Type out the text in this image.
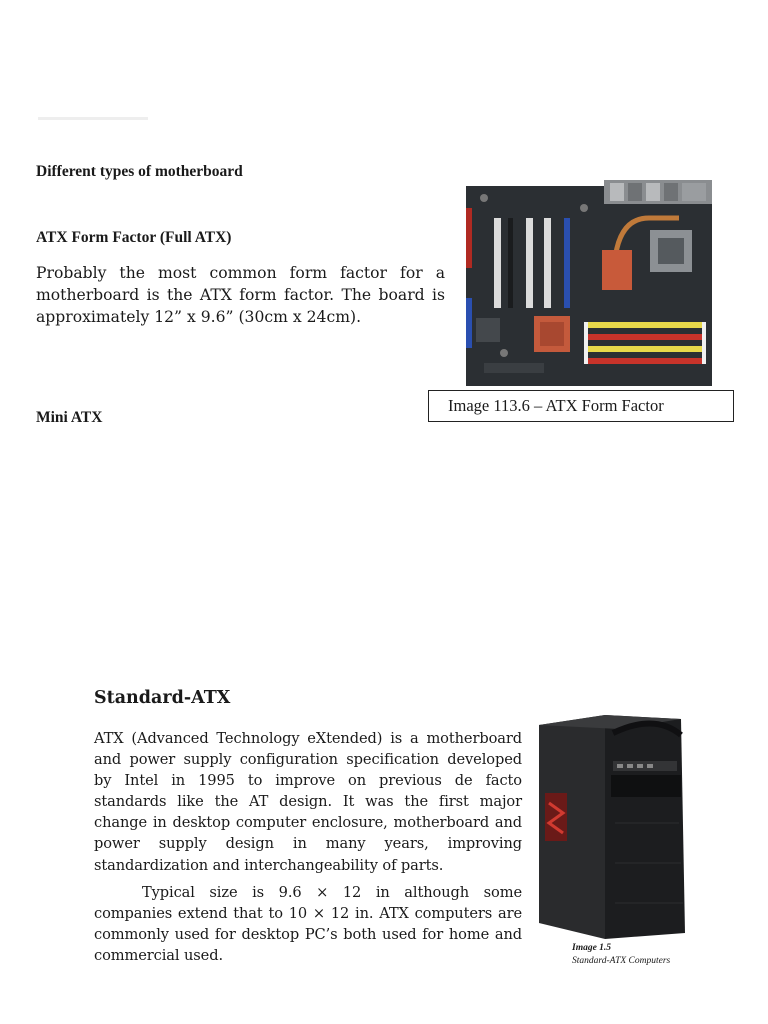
Different types of motherboard
ATX Form Factor (Full ATX)
Probably the most common form factor for a motherboard is the ATX form factor. The board is approximately 12” x 9.6” (30cm x 24cm).
Mini ATX
Image 113.6 – ATX Form Factor
Standard-ATX
ATX (Advanced Technology eXtended) is a motherboard and power supply configuration specification developed by Intel in 1995 to improve on previous de facto standards like the AT design. It was the first major change in desktop computer enclosure, motherboard and power supply design in many years, improving standardization and interchangeability of parts.
Typical size is 9.6 × 12 in although some companies extend that to 10 × 12 in. ATX computers are commonly used for desktop PC’s both used for home and commercial used.	Image 1.5
Standard-ATX Computers
